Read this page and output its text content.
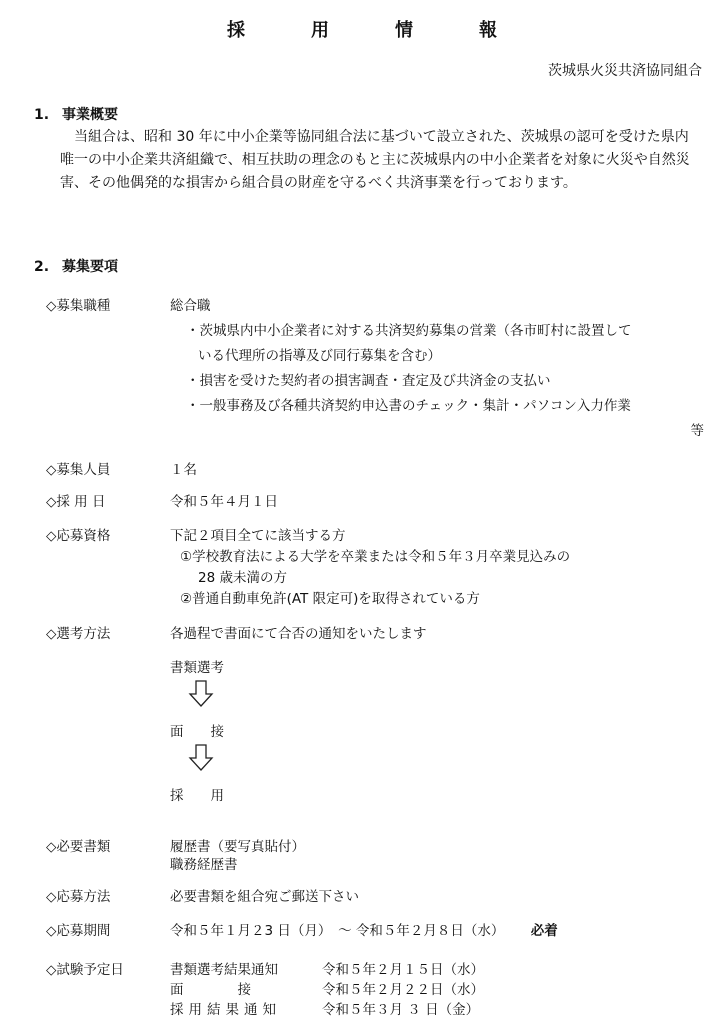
採　用　情　報
茨城県火災共済協同組合
1. 事業概要

当組合は、昭和 30 年に中小企業等協同組合法に基づいて設立された、茨城県の認可を受けた県内唯一の中小企業共済組織で、相互扶助の理念のもと主に茨城県内の中小企業者を対象に火災や自然災害、その他偶発的な損害から組合員の財産を守るべく共済事業を行っております。

2. 募集要項
◇募集職種	総合職
・茨城県内中小企業者に対する共済契約募集の営業（各市町村に設置して
いる代理所の指導及び同行募集を含む）
・損害を受けた契約者の損害調査・査定及び共済金の支払い
・一般事務及び各種共済契約申込書のチェック・集計・パソコン入力作業
等
◇募集人員	１名
◇採 用 日	令和５年４月１日
◇応募資格	下記２項目全てに該当する方
①学校教育法による大学を卒業または令和５年３月卒業見込みの
28 歳未満の方
②普通自動車免許(AT 限定可)を取得されている方
◇選考方法	各過程で書面にて合否の通知をいたします
書類選考
面　　接
採　　用
◇必要書類	履歴書（要写真貼付）
職務経歴書
◇応募方法	必要書類を組合宛ご郵送下さい
◇応募期間	令和５年１月２3 日（月）　～ 令和５年２月８日（水） 必着
◇試験予定日	書類選考結果通知	令和５年２月１５日（水）
面　　　　接	令和５年２月２２日（水）
採用結果通知	令和５年３月 ３ 日（金）
